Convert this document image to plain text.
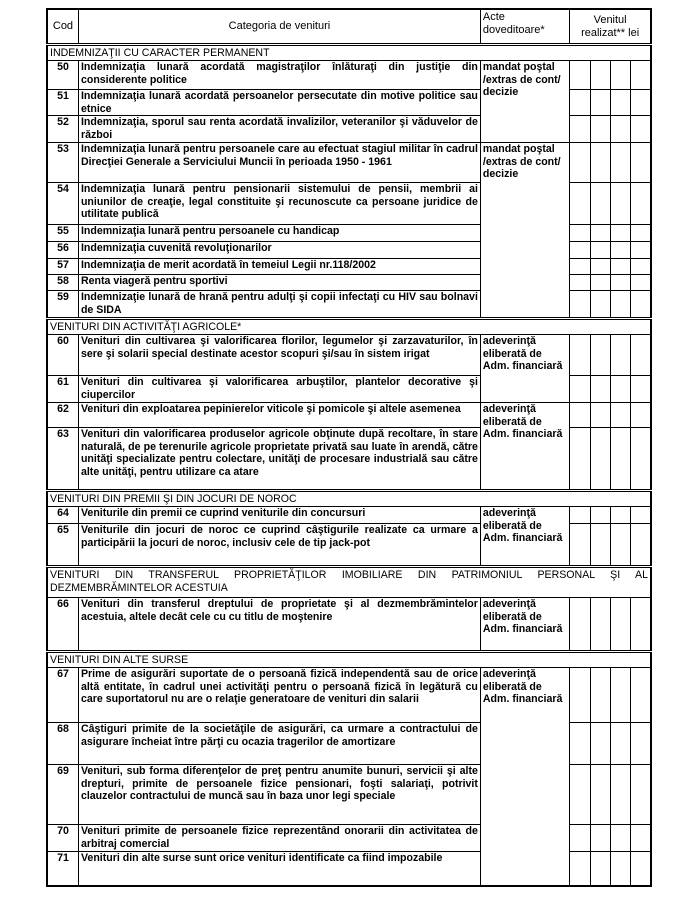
Cod	Categoria de venituri	Acte doveditoare*	Venitul realizat** lei			
INDEMNIZAŢII CU CARACTER PERMANENT						
50	Indemnizaţia lunară acordată magistraţilor înlăturaţi din justiţie din considerente politice	mandat poştal /extras de cont/ decizie				
51	Indemnizaţia lunară acordată persoanelor persecutate din motive politice sau etnice					
52	Indemnizaţia, sporul sau renta acordată invalizilor, veteranilor şi văduvelor de război					
53	Indemnizaţia lunară pentru persoanele care au efectuat stagiul militar în cadrul Direcţiei Generale a Serviciului Muncii în perioada 1950 - 1961	mandat poştal /extras de cont/ decizie				
54	Indemnizaţia lunară pentru pensionarii sistemului de pensii, membrii ai uniunilor de creaţie, legal constituite şi recunoscute ca persoane juridice de utilitate publică					
55	Indemnizaţia lunară pentru persoanele cu handicap					
56	Indemnizaţia cuvenită revoluţionarilor					
57	Indemnizaţia de merit acordată în temeiul Legii nr.118/2002					
58	Renta viageră pentru sportivi					
59	Indemnizaţie lunară de hrană pentru adulţi şi copii infectaţi cu HIV sau bolnavi de SIDA					
VENITURI DIN ACTIVITĂŢI AGRICOLE*						
60	Venituri din cultivarea şi valorificarea florilor, legumelor şi zarzavaturilor, în sere şi solarii special destinate acestor scopuri şi/sau în sistem irigat	adeverinţă eliberată de Adm. financiară				
61	Venituri din cultivarea şi valorificarea arbuştilor, plantelor decorative şi ciupercilor					
62	Venituri din exploatarea pepinierelor viticole şi pomicole şi altele asemenea	adeverinţă eliberată de Adm. financiară				
63	Venituri din valorificarea produselor agricole obţinute după recoltare, în stare naturală, de pe terenurile agricole proprietate privată sau luate în arendă, către unităţi specializate pentru colectare, unităţi de procesare industrială sau către alte unităţi, pentru utilizare ca atare					
VENITURI DIN PREMII ŞI DIN JOCURI DE NOROC						
64	Veniturile din premii ce cuprind veniturile din concursuri	adeverinţă eliberată de Adm. financiară				
65	Veniturile din jocuri de noroc ce cuprind câştigurile realizate ca urmare a participării la jocuri de noroc, inclusiv cele de tip jack-pot					

VENITURI DIN TRANSFERUL PROPRIETĂŢILOR IMOBILIARE DIN PATRIMONIUL PERSONAL ŞI AL
DEZMEMBRĂMINTELOR ACESTUIA						

66	Venituri din transferul dreptului de proprietate şi al dezmembrămintelor acestuia, altele decât cele cu cu titlu de moştenire	adeverinţă eliberată de Adm. financiară				
VENITURI DIN ALTE SURSE						
67	Prime de asigurări suportate de o persoană fizică independentă sau de orice altă entitate, în cadrul unei activităţi pentru o persoană fizică în legătură cu care suportatorul nu are o relaţie generatoare de venituri din salarii	adeverinţă eliberată de Adm. financiară				
68	Câştiguri primite de la societăţile de asigurări, ca urmare a contractului de asigurare încheiat între părţi cu ocazia tragerilor de amortizare					
69	Venituri, sub forma diferenţelor de preţ pentru anumite bunuri, servicii şi alte drepturi, primite de persoanele fizice pensionari, foşti salariaţi, potrivit clauzelor contractului de muncă sau în baza unor legi speciale					
70	Venituri primite de persoanele fizice reprezentând onorarii din activitatea de arbitraj comercial					
71	Venituri din alte surse sunt orice venituri identificate ca fiind impozabile					
